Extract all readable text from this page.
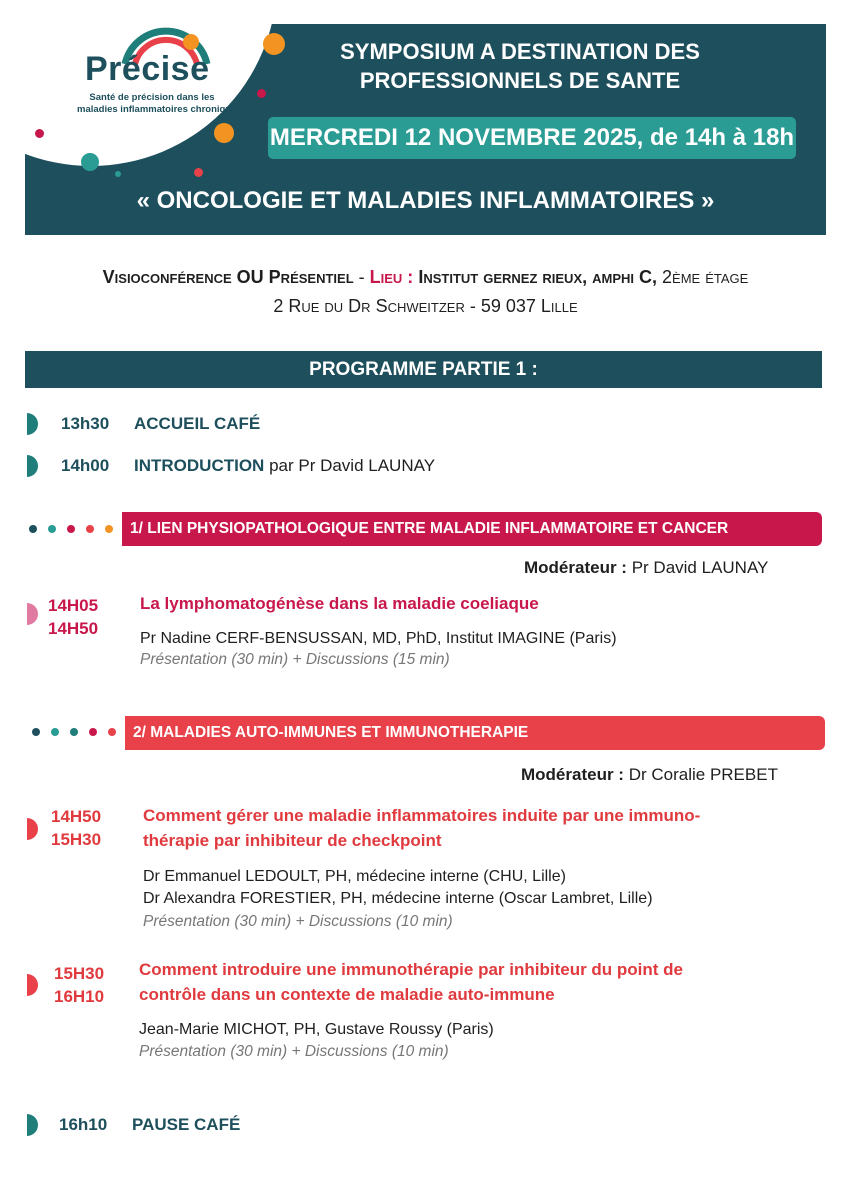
Précise
Santé de précision dans les
maladies inflammatoires chroniques
SYMPOSIUM A DESTINATION DES
PROFESSIONNELS DE SANTE
MERCREDI 12 NOVEMBRE 2025, de 14h à 18h
« ONCOLOGIE ET MALADIES INFLAMMATOIRES »
Visioconférence OU Présentiel - Lieu : Institut gernez rieux, amphi C, 2ème étage
2 Rue du Dr Schweitzer - 59 037 Lille
PROGRAMME PARTIE 1 :
13h30 ACCUEIL CAFÉ
14h00 INTRODUCTION par Pr David LAUNAY
1/ LIEN PHYSIOPATHOLOGIQUE ENTRE MALADIE INFLAMMATOIRE ET CANCER
Modérateur : Pr David LAUNAY
14H05
14H50
La lymphomatogénèse dans la maladie coeliaque
Pr Nadine CERF-BENSUSSAN, MD, PhD, Institut IMAGINE (Paris)
Présentation (30 min) + Discussions (15 min)
2/ MALADIES AUTO-IMMUNES ET IMMUNOTHERAPIE
Modérateur : Dr Coralie PREBET
14H50
15H30
Comment gérer une maladie inflammatoires induite par une immuno-
thérapie par inhibiteur de checkpoint
Dr Emmanuel LEDOULT, PH, médecine interne (CHU, Lille)
Dr Alexandra FORESTIER, PH, médecine interne (Oscar Lambret, Lille)
Présentation (30 min) + Discussions (10 min)
15H30
16H10
Comment introduire une immunothérapie par inhibiteur du point de
contrôle dans un contexte de maladie auto-immune
Jean-Marie MICHOT, PH, Gustave Roussy (Paris)
Présentation (30 min) + Discussions (10 min)
16h10 PAUSE CAFÉ
